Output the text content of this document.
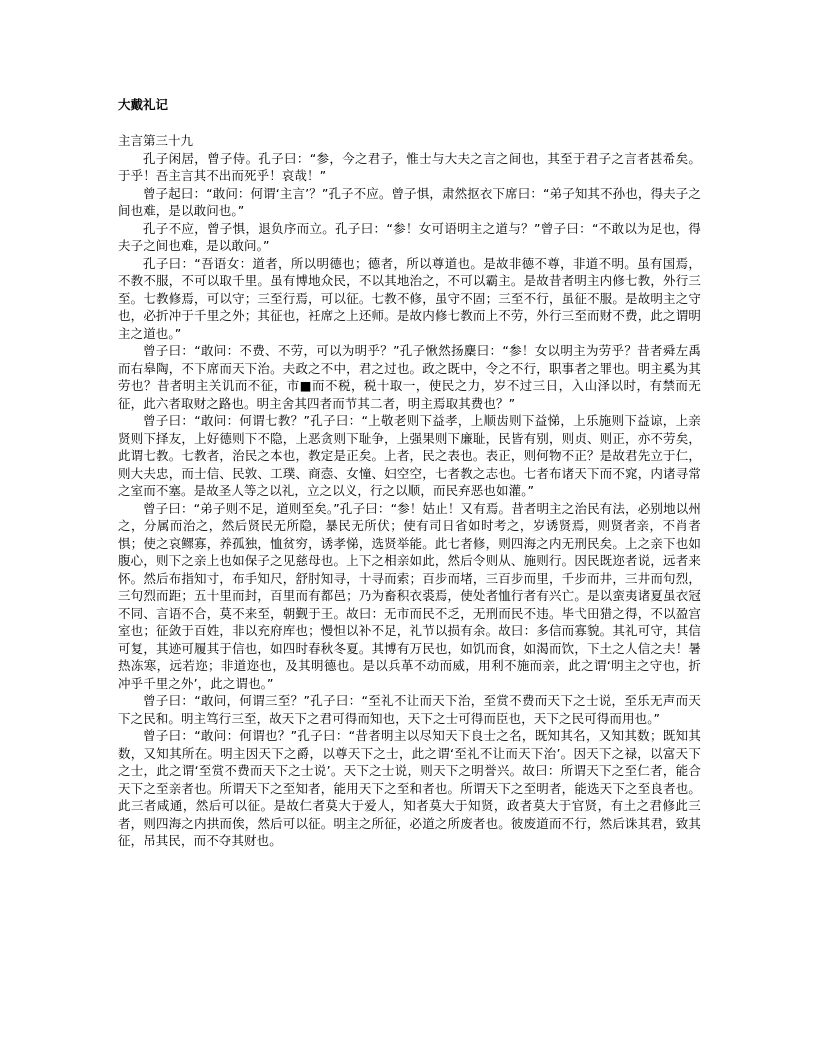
大戴礼记

主言第三十九

孔子闲居，曾子侍。孔子曰：“参，今之君子，惟士与大夫之言之间也，其至于君子之言者甚希矣。于乎！吾主言其不出而死乎！哀哉！”

曾子起曰：“敢问：何谓‘主言’？”孔子不应。曾子惧，肃然抠衣下席曰：“弟子知其不孙也，得夫子之间也难，是以敢问也。”

孔子不应，曾子惧，退负序而立。孔子曰：“参！女可语明主之道与？”曾子曰：“不敢以为足也，得夫子之间也难，是以敢问。”

孔子曰：“吾语女：道者，所以明德也；德者，所以尊道也。是故非德不尊，非道不明。虽有国焉，不教不服，不可以取千里。虽有博地众民，不以其地治之，不可以霸主。是故昔者明主内修七教，外行三至。七教修焉，可以守；三至行焉，可以征。七教不修，虽守不固；三至不行，虽征不服。是故明主之守也，必折冲于千里之外；其征也，衽席之上还师。是故内修七教而上不劳，外行三至而财不费，此之谓明主之道也。”

曾子曰：“敢问：不费、不劳，可以为明乎？”孔子愀然扬麇曰：“参！女以明主为劳乎？昔者舜左禹而右皋陶，不下席而天下治。夫政之不中，君之过也。政之既中，令之不行，职事者之罪也。明主奚为其劳也？昔者明主关讥而不征，市■而不税，税十取一，使民之力，岁不过三日，入山泽以时，有禁而无征，此六者取财之路也。明主舍其四者而节其二者，明主焉取其费也？”

曾子曰：“敢问：何谓七教？”孔子曰：“上敬老则下益孝，上顺齿则下益悌，上乐施则下益谅，上亲贤则下择友，上好德则下不隐，上恶贪则下耻争，上强果则下廉耻，民皆有别，则贞、则正，亦不劳矣，此谓七教。七教者，治民之本也，教定是正矣。上者，民之表也。表正，则何物不正？是故君先立于仁，则大夫忠，而士信、民敦、工璞、商悫、女憧、妇空空，七者教之志也。七者布诸天下而不窕，内诸寻常之室而不塞。是故圣人等之以礼，立之以义，行之以顺，而民弃恶也如灌。”

曾子曰：“弟子则不足，道则至矣。”孔子曰：“参！姑止！又有焉。昔者明主之治民有法，必别地以州之，分属而治之，然后贤民无所隐，暴民无所伏；使有司日省如时考之，岁诱贤焉，则贤者亲，不肖者惧；使之哀鳏寡，养孤独，恤贫穷，诱孝悌，选贤举能。此七者修，则四海之内无刑民矣。上之亲下也如腹心，则下之亲上也如保子之见慈母也。上下之相亲如此，然后令则从、施则行。因民既迩者说，远者来怀。然后布指知寸，布手知尺，舒肘知寻，十寻而索；百步而堵，三百步而里，千步而井，三井而句烈，三句烈而距；五十里而封，百里而有都邑；乃为畜积衣裘焉，使处者恤行者有兴亡。是以蛮夷诸夏虽衣冠不同、言语不合，莫不来至，朝觐于王。故曰：无市而民不乏，无刑而民不违。毕弋田猎之得，不以盈宫室也；征敛于百姓，非以充府库也；慢怛以补不足，礼节以损有余。故曰：多信而寡貌。其礼可守，其信可复，其迹可履其于信也，如四时春秋冬夏。其博有万民也，如饥而食，如渴而饮，下土之人信之夫！暑热冻寒，远若迩；非道迩也，及其明德也。是以兵革不动而威，用利不施而亲，此之谓‘明主之守也，折冲乎千里之外’，此之谓也。”

曾子曰：“敢问，何谓三至？”孔子曰：“至礼不让而天下治，至赏不费而天下之士说，至乐无声而天下之民和。明主笃行三至，故天下之君可得而知也，天下之士可得而臣也，天下之民可得而用也。”

曾子曰：“敢问：何谓也？”孔子曰：“昔者明主以尽知天下良士之名，既知其名，又知其数；既知其数，又知其所在。明主因天下之爵，以尊天下之士，此之谓‘至礼不让而天下治’。因天下之禄，以富天下之士，此之谓‘至赏不费而天下之士说’。天下之士说，则天下之明誉兴。故曰：所谓天下之至仁者，能合天下之至亲者也。所谓天下之至知者，能用天下之至和者也。所谓天下之至明者，能选天下之至良者也。此三者咸通，然后可以征。是故仁者莫大于爱人，知者莫大于知贤，政者莫大于官贤，有土之君修此三者，则四海之内拱而俟，然后可以征。明主之所征，必道之所废者也。彼废道而不行，然后诛其君，致其征，吊其民，而不夺其财也。
